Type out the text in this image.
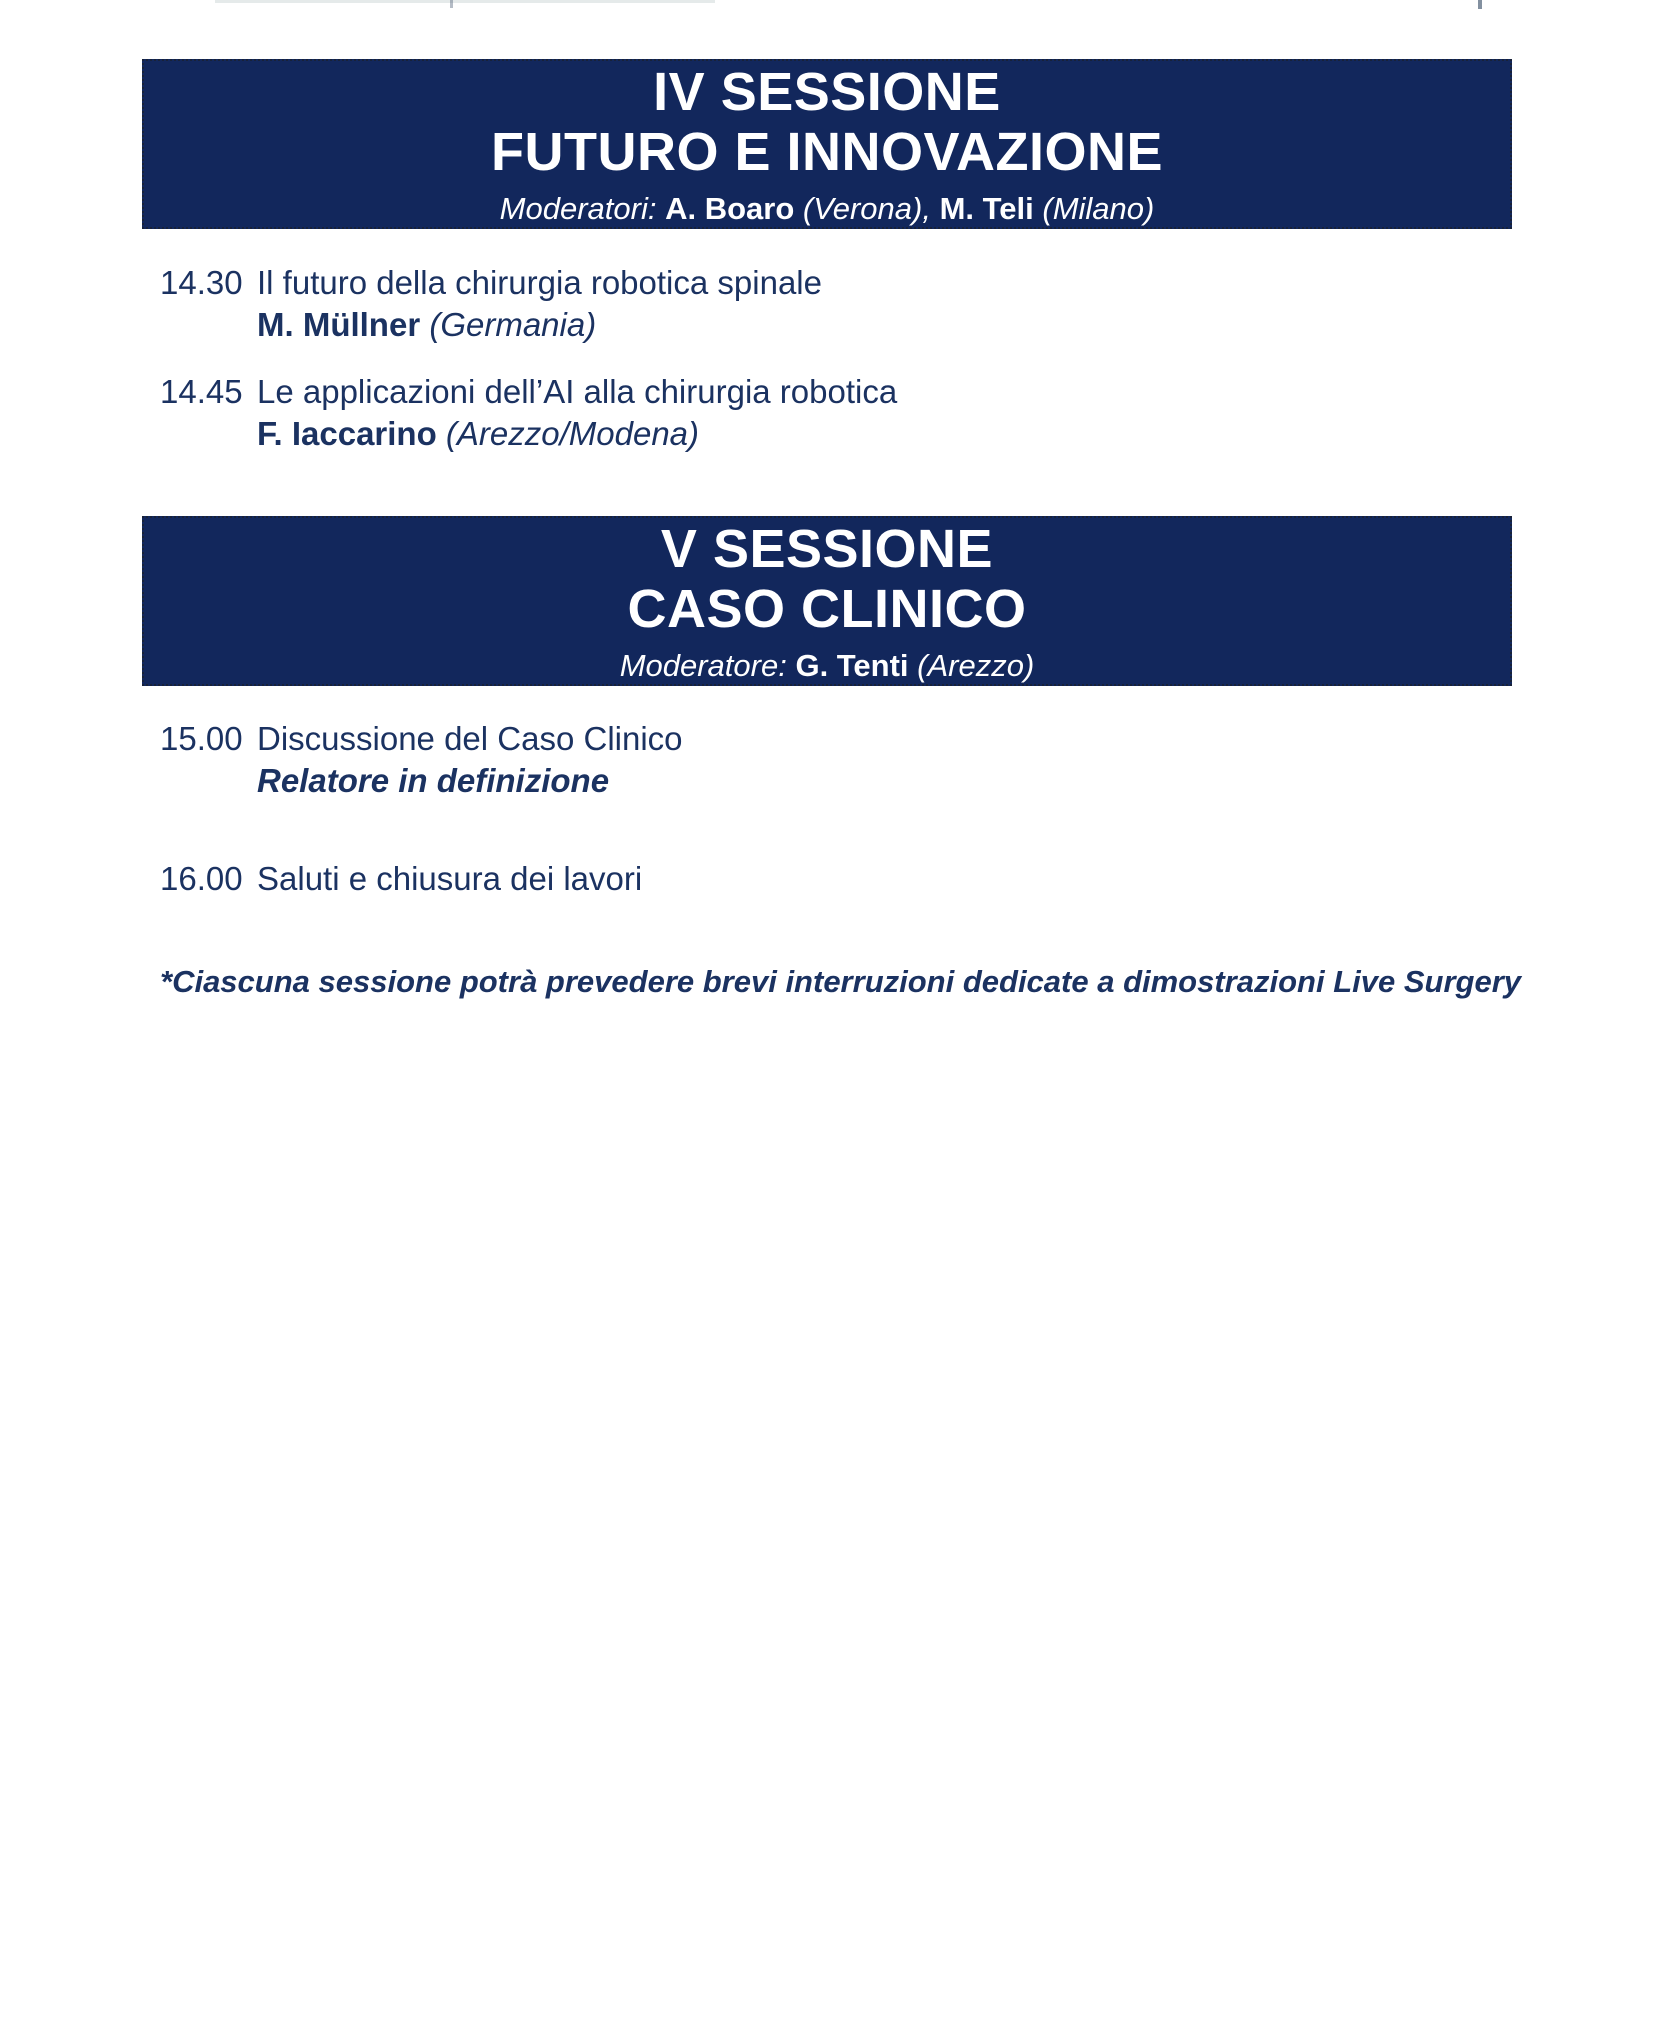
IV SESSIONE
FUTURO E INNOVAZIONE
Moderatori: A. Boaro (Verona), M. Teli (Milano)
14.30 Il futuro della chirurgia robotica spinale
M. Müllner (Germania)
14.45 Le applicazioni dell’AI alla chirurgia robotica
F. Iaccarino (Arezzo/Modena)
V SESSIONE
CASO CLINICO
Moderatore: G. Tenti (Arezzo)
15.00 Discussione del Caso Clinico
Relatore in definizione
16.00 Saluti e chiusura dei lavori
*Ciascuna sessione potrà prevedere brevi interruzioni dedicate a dimostrazioni Live Surgery
